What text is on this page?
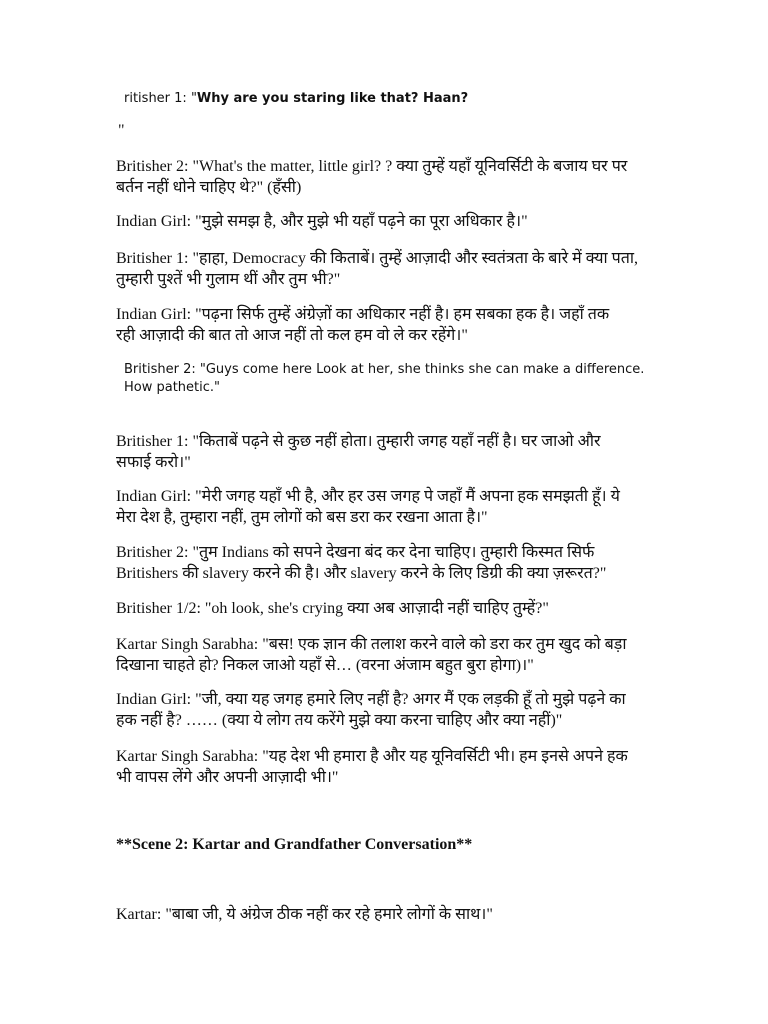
ritisher 1: "Why are you staring like that? Haan?
"
Britisher 2: "What's the matter, little girl? ? क्या तुम्हें यहाँ यूनिवर्सिटी के बजाय घर पर
बर्तन नहीं धोने चाहिए थे?" (हँसी)
Indian Girl: "मुझे समझ है, और मुझे भी यहाँ पढ़ने का पूरा अधिकार है।"
Britisher 1: "हाहा, Democracy की किताबें। तुम्हें आज़ादी और स्वतंत्रता के बारे में क्या पता,
तुम्हारी पुश्तें भी गुलाम थीं और तुम भी?"
Indian Girl: "पढ़ना सिर्फ तुम्हें अंग्रेज़ों का अधिकार नहीं है। हम सबका हक है। जहाँ तक
रही आज़ादी की बात तो आज नहीं तो कल हम वो ले कर रहेंगे।"
Britisher 2: "Guys come here Look at her, she thinks she can make a difference.
How pathetic."
Britisher 1: "किताबें पढ़ने से कुछ नहीं होता। तुम्हारी जगह यहाँ नहीं है। घर जाओ और
सफाई करो।"
Indian Girl: "मेरी जगह यहाँ भी है, और हर उस जगह पे जहाँ मैं अपना हक समझती हूँ। ये
मेरा देश है, तुम्हारा नहीं, तुम लोगों को बस डरा कर रखना आता है।"
Britisher 2: "तुम Indians को सपने देखना बंद कर देना चाहिए। तुम्हारी किस्मत सिर्फ
Britishers की slavery करने की है। और slavery करने के लिए डिग्री की क्या ज़रूरत?"
Britisher 1/2: "oh look, she's crying क्या अब आज़ादी नहीं चाहिए तुम्हें?"
Kartar Singh Sarabha: "बस! एक ज्ञान की तलाश करने वाले को डरा कर तुम खुद को बड़ा
दिखाना चाहते हो? निकल जाओ यहाँ से… (वरना अंजाम बहुत बुरा होगा)।"
Indian Girl: "जी, क्या यह जगह हमारे लिए नहीं है? अगर मैं एक लड़की हूँ तो मुझे पढ़ने का
हक नहीं है? …… (क्या ये लोग तय करेंगे मुझे क्या करना चाहिए और क्या नहीं)"
Kartar Singh Sarabha: "यह देश भी हमारा है और यह यूनिवर्सिटी भी। हम इनसे अपने हक
भी वापस लेंगे और अपनी आज़ादी भी।"
**Scene 2: Kartar and Grandfather Conversation**
Kartar: "बाबा जी, ये अंग्रेज ठीक नहीं कर रहे हमारे लोगों के साथ।"
